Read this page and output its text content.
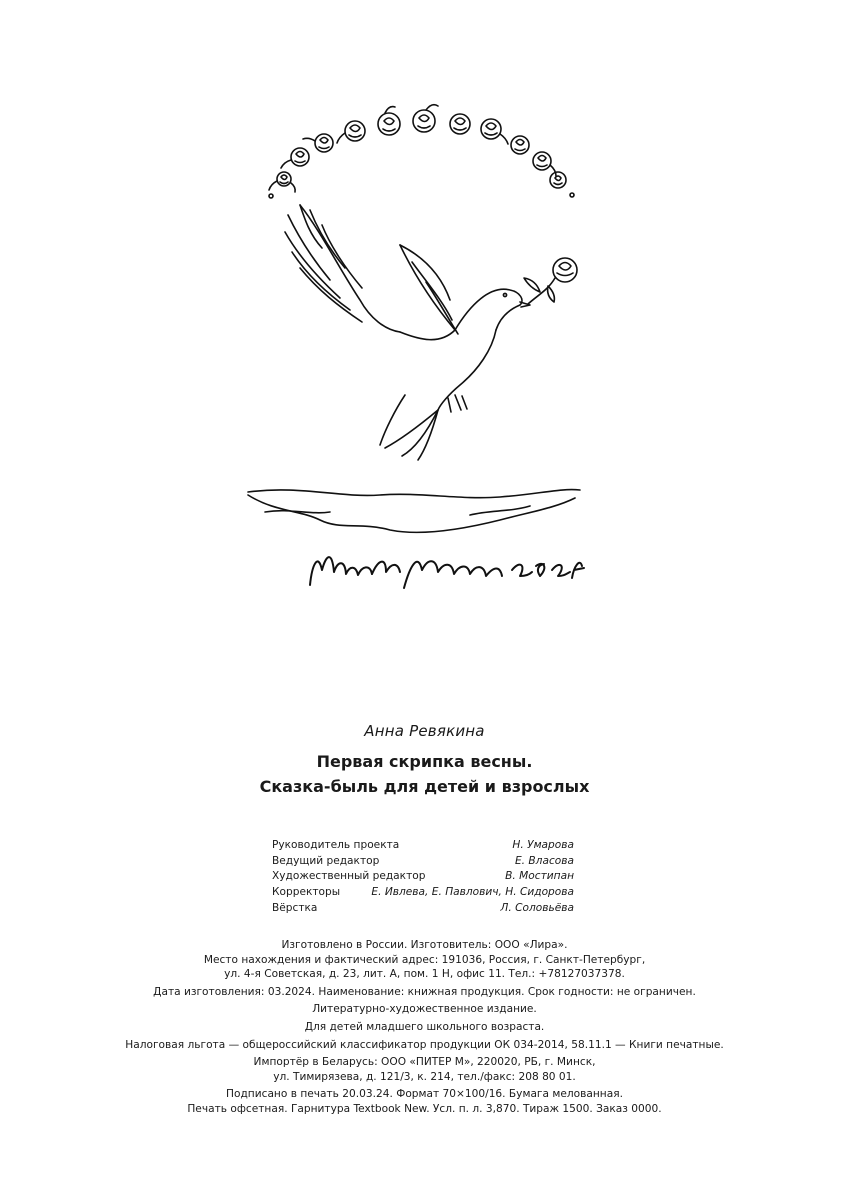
Анна Ревякина
Первая скрипка весны.
Сказка-быль для детей и взрослых
Руководитель проекта	Н. Умарова
Ведущий редактор	Е. Власова
Художественный редактор	В. Мостипан
Корректоры	Е. Ивлева, Е. Павлович, Н. Сидорова
Вёрстка	Л. Соловьёва
Изготовлено в России. Изготовитель: ООО «Лира».
Место нахождения и фактический адрес: 191036, Россия, г. Санкт-Петербург,
ул. 4-я Советская, д. 23, лит. А, пом. 1 Н, офис 11. Тел.: +78127037378.
Дата изготовления: 03.2024. Наименование: книжная продукция. Срок годности: не ограничен.
Литературно-художественное издание.
Для детей младшего школьного возраста.
Налоговая льгота — общероссийский классификатор продукции ОК 034-2014, 58.11.1 — Книги печатные.
Импортёр в Беларусь: ООО «ПИТЕР М», 220020, РБ, г. Минск,
ул. Тимирязева, д. 121/3, к. 214, тел./факс: 208 80 01.
Подписано в печать 20.03.24. Формат 70×100/16. Бумага мелованная.
Печать офсетная. Гарнитура Textbook New. Усл. п. л. 3,870. Тираж 1500. Заказ 0000.
